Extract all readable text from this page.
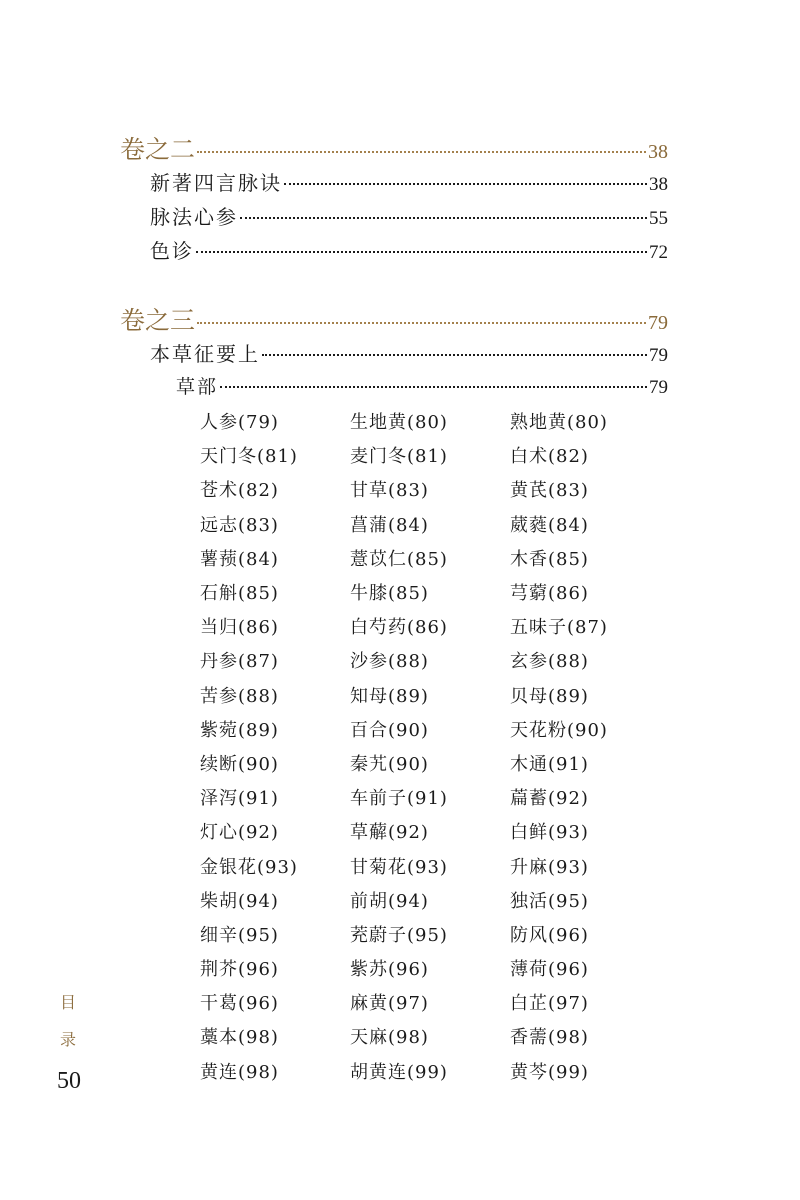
卷之二	38
新著四言脉诀	38
脉法心参	55
色诊	72
卷之三	79
本草征要上	79
草部	79
人参(79)	生地黄(80)	熟地黄(80)
天门冬(81)	麦门冬(81)	白术(82)
苍术(82)	甘草(83)	黄芪(83)
远志(83)	菖蒲(84)	葳蕤(84)
薯蓣(84)	薏苡仁(85)	木香(85)
石斛(85)	牛膝(85)	芎藭(86)
当归(86)	白芍药(86)	五味子(87)
丹参(87)	沙参(88)	玄参(88)
苦参(88)	知母(89)	贝母(89)
紫菀(89)	百合(90)	天花粉(90)
续断(90)	秦艽(90)	木通(91)
泽泻(91)	车前子(91)	萹蓄(92)
灯心(92)	草薢(92)	白鲜(93)
金银花(93)	甘菊花(93)	升麻(93)
柴胡(94)	前胡(94)	独活(95)
细辛(95)	茺蔚子(95)	防风(96)
荆芥(96)	紫苏(96)	薄荷(96)
干葛(96)	麻黄(97)	白芷(97)
藁本(98)	天麻(98)	香薷(98)
黄连(98)	胡黄连(99)	黄芩(99)
目
录
50
